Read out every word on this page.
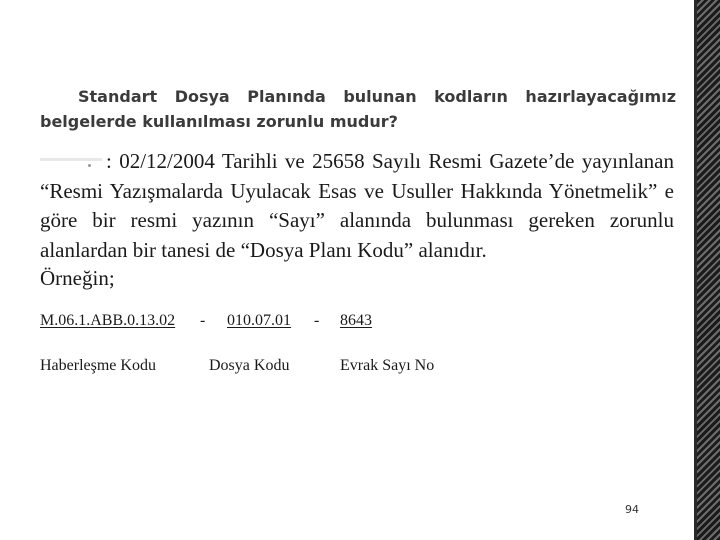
Standart Dosya Planında bulunan kodların hazırlayacağımız
belgelerde kullanılması zorunlu mudur?

: 02/12/2004 Tarihli ve 25658 Sayılı Resmi Gazete’de yayınlanan “Resmi Yazışmalarda Uyulacak Esas ve Usuller Hakkında Yönetmelik” e göre bir resmi yazının “Sayı” alanında bulunması gereken zorunlu alanlardan bir tanesi de “Dosya Planı Kodu” alanıdır.

Örneğin;

M.06.1.ABB.0.13.02 - 010.07.01 - 8643
Haberleşme Kodu	Dosya Kodu	Evrak Sayı No
94
